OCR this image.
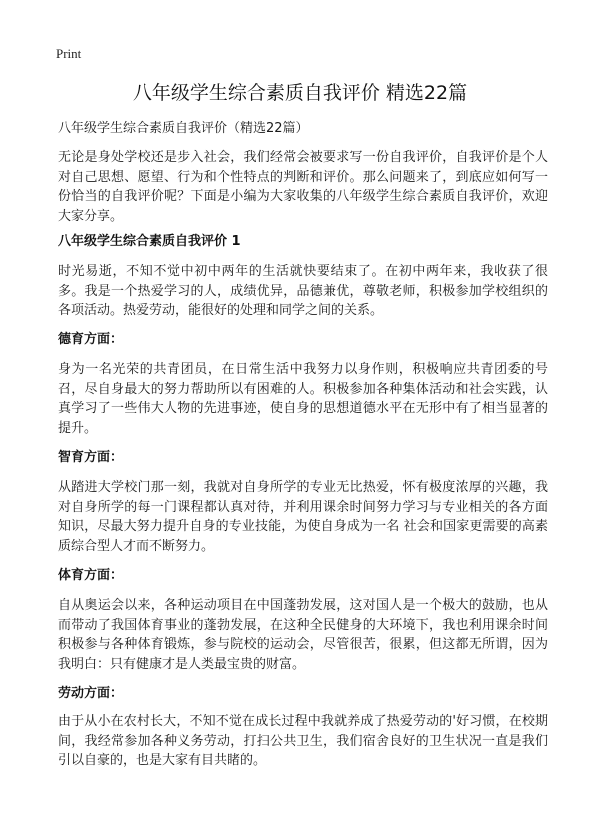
Print
八年级学生综合素质自我评价 精选22篇

八年级学生综合素质自我评价（精选22篇）

无论是身处学校还是步入社会，我们经常会被要求写一份自我评价，自我评价是个人对自己思想、愿望、行为和个性特点的判断和评价。那么问题来了，到底应如何写一份恰当的自我评价呢？下面是小编为大家收集的八年级学生综合素质自我评价，欢迎大家分享。

八年级学生综合素质自我评价 1

时光易逝，不知不觉中初中两年的生活就快要结束了。在初中两年来，我收获了很多。我是一个热爱学习的人，成绩优异，品德兼优，尊敬老师，积极参加学校组织的各项活动。热爱劳动，能很好的处理和同学之间的关系。

德育方面：

身为一名光荣的共青团员，在日常生活中我努力以身作则，积极响应共青团委的号召，尽自身最大的努力帮助所以有困难的人。积极参加各种集体活动和社会实践，认真学习了一些伟大人物的先进事迹，使自身的思想道德水平在无形中有了相当显著的提升。

智育方面：

从踏进大学校门那一刻，我就对自身所学的专业无比热爱，怀有极度浓厚的兴趣，我对自身所学的每一门课程都认真对待，并利用课余时间努力学习与专业相关的各方面知识，尽最大努力提升自身的专业技能，为使自身成为一名 社会和国家更需要的高素质综合型人才而不断努力。

体育方面：

自从奥运会以来，各种运动项目在中国蓬勃发展，这对国人是一个极大的鼓励，也从而带动了我国体育事业的蓬勃发展，在这种全民健身的大环境下，我也利用课余时间积极参与各种体育锻炼，参与院校的运动会，尽管很苦，很累，但这都无所谓，因为我明白：只有健康才是人类最宝贵的财富。

劳动方面：

由于从小在农村长大，不知不觉在成长过程中我就养成了热爱劳动的'好习惯，在校期间，我经常参加各种义务劳动，打扫公共卫生，我们宿舍良好的卫生状况一直是我们引以自豪的，也是大家有目共睹的。
